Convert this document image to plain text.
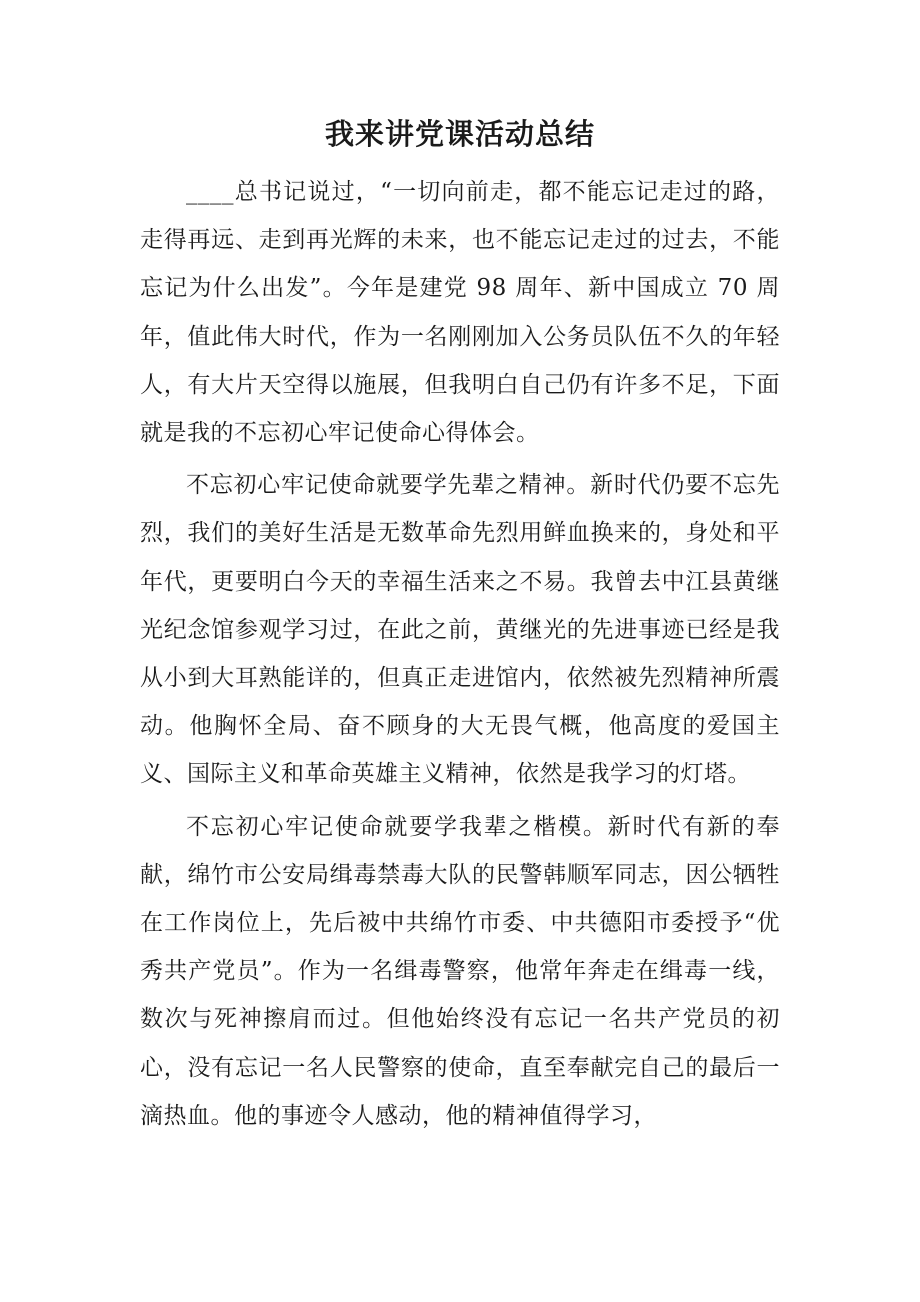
我来讲党课活动总结

____总书记说过，“一切向前走，都不能忘记走过的路，走得再远、走到再光辉的未来，也不能忘记走过的过去，不能忘记为什么出发”。今年是建党 98 周年、新中国成立 70 周年，值此伟大时代，作为一名刚刚加入公务员队伍不久的年轻人，有大片天空得以施展，但我明白自己仍有许多不足，下面就是我的不忘初心牢记使命心得体会。

不忘初心牢记使命就要学先辈之精神。新时代仍要不忘先烈，我们的美好生活是无数革命先烈用鲜血换来的，身处和平年代，更要明白今天的幸福生活来之不易。我曾去中江县黄继光纪念馆参观学习过，在此之前，黄继光的先进事迹已经是我从小到大耳熟能详的，但真正走进馆内，依然被先烈精神所震动。他胸怀全局、奋不顾身的大无畏气概，他高度的爱国主义、国际主义和革命英雄主义精神，依然是我学习的灯塔。

不忘初心牢记使命就要学我辈之楷模。新时代有新的奉献，绵竹市公安局缉毒禁毒大队的民警韩顺军同志，因公牺牲在工作岗位上，先后被中共绵竹市委、中共德阳市委授予“优秀共产党员”。作为一名缉毒警察，他常年奔走在缉毒一线，数次与死神擦肩而过。但他始终没有忘记一名共产党员的初心，没有忘记一名人民警察的使命，直至奉献完自己的最后一滴热血。他的事迹令人感动，他的精神值得学习，
